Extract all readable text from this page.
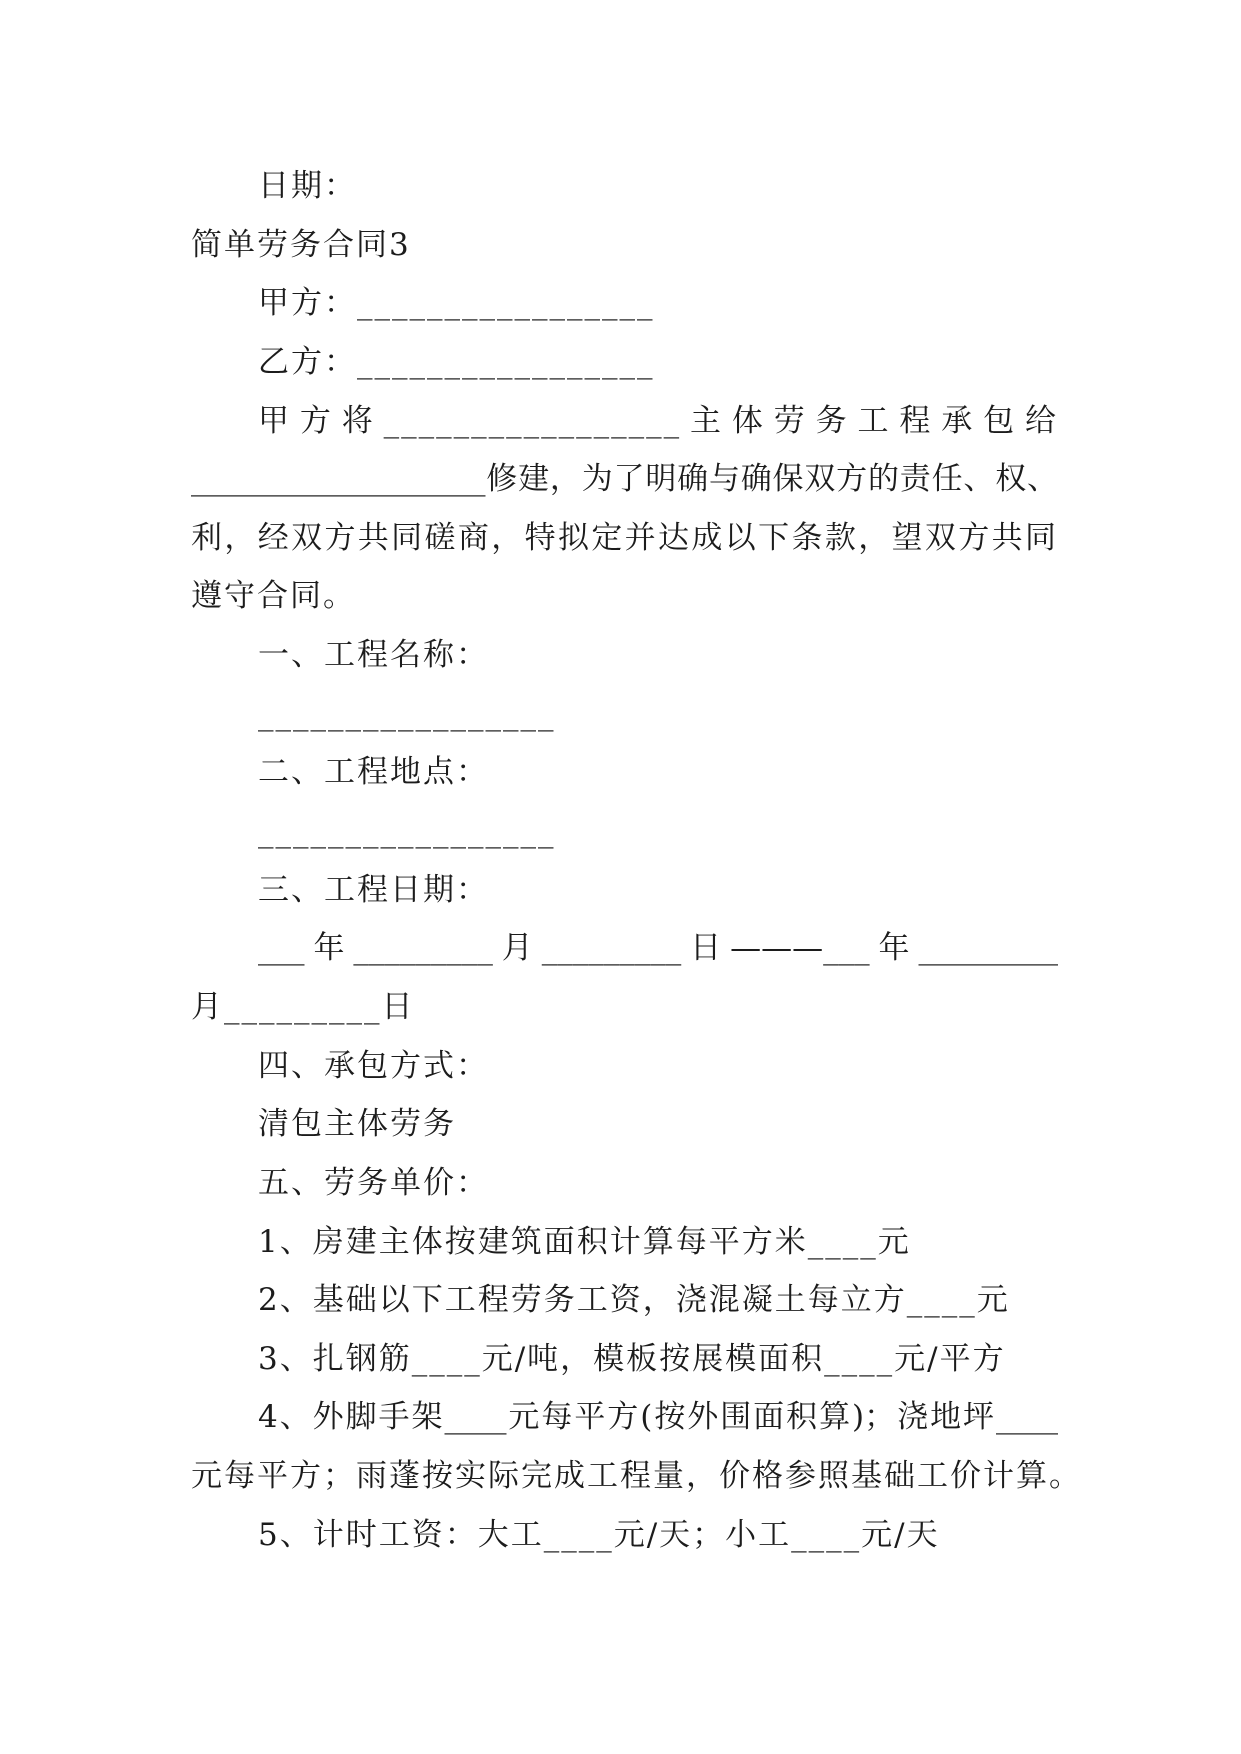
日期：
简单劳务合同3
甲方：_________________
乙方：_________________
甲方将_________________主体劳务工程承包给
___________________修建，为了明确与确保双方的责任、权、
利，经双方共同磋商，特拟定并达成以下条款，望双方共同
遵守合同。
一、工程名称：
_________________
二、工程地点：
_________________
三、工程日期：
___年_________月_________日———___年_________
月_________日
四、承包方式：
清包主体劳务
五、劳务单价：
1、房建主体按建筑面积计算每平方米____元
2、基础以下工程劳务工资，浇混凝土每立方____元
3、扎钢筋____元/吨，模板按展模面积____元/平方
4、外脚手架____元每平方(按外围面积算)；浇地坪____
元每平方；雨蓬按实际完成工程量，价格参照基础工价计算。
5、计时工资：大工____元/天；小工____元/天
